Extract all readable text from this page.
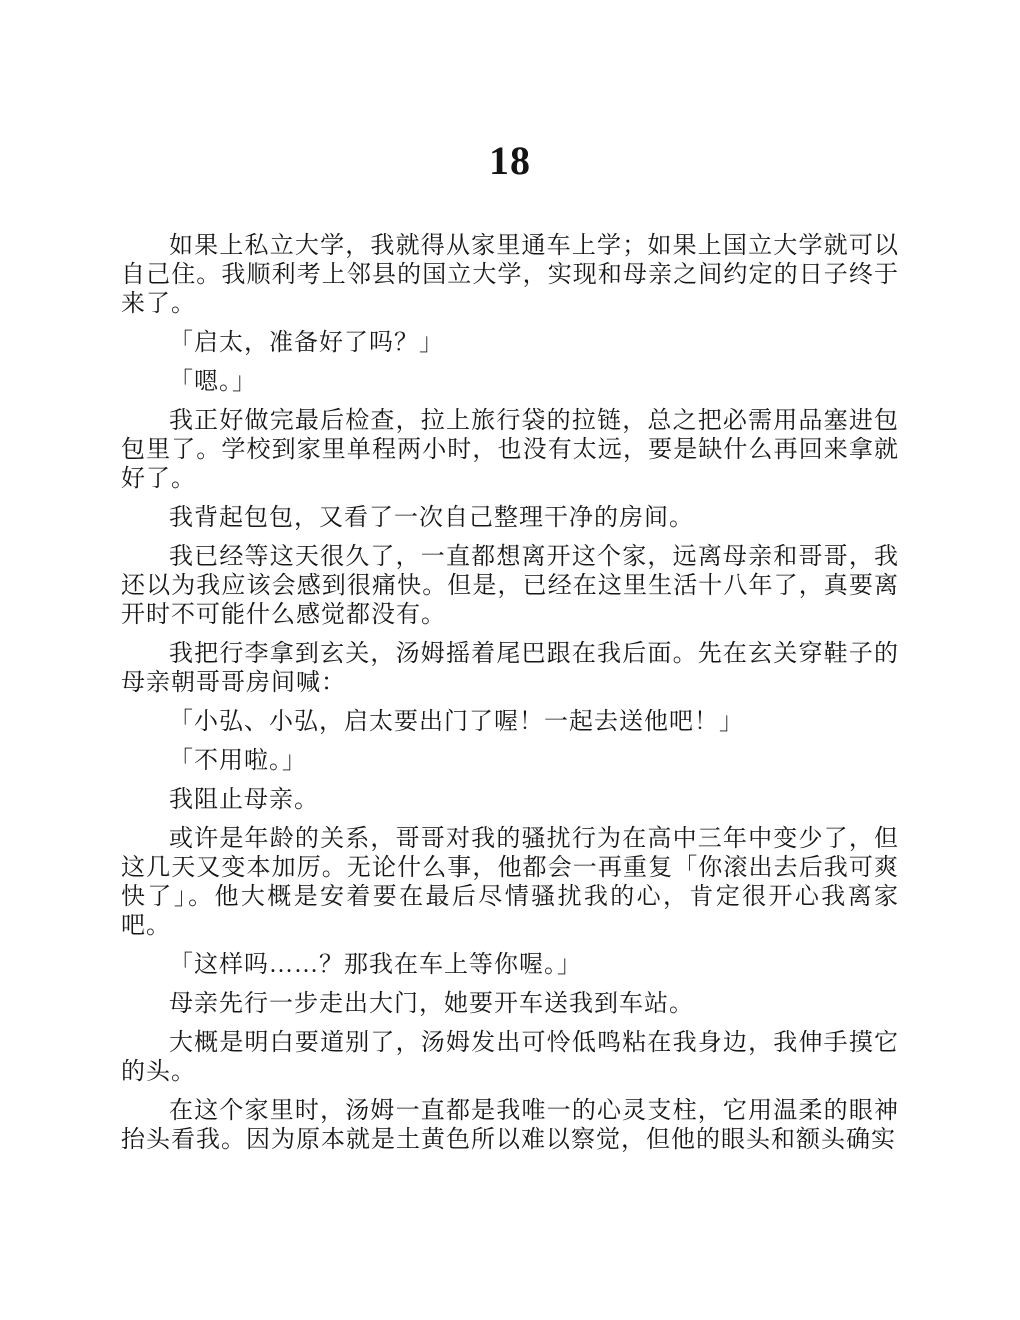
18

如果上私立大学，我就得从家里通车上学；如果上国立大学就可以自己住。我顺利考上邻县的国立大学，实现和母亲之间约定的日子终于来了。

「启太，准备好了吗？」

「嗯。」

我正好做完最后检查，拉上旅行袋的拉链，总之把必需用品塞进包包里了。学校到家里单程两小时，也没有太远，要是缺什么再回来拿就好了。

我背起包包，又看了一次自己整理干净的房间。

我已经等这天很久了，一直都想离开这个家，远离母亲和哥哥，我还以为我应该会感到很痛快。但是，已经在这里生活十八年了，真要离开时不可能什么感觉都没有。

我把行李拿到玄关，汤姆摇着尾巴跟在我后面。先在玄关穿鞋子的母亲朝哥哥房间喊：

「小弘、小弘，启太要出门了喔！一起去送他吧！」

「不用啦。」

我阻止母亲。

或许是年龄的关系，哥哥对我的骚扰行为在高中三年中变少了，但这几天又变本加厉。无论什么事，他都会一再重复「你滚出去后我可爽快了」。他大概是安着要在最后尽情骚扰我的心，肯定很开心我离家吧。

「这样吗……？那我在车上等你喔。」

母亲先行一步走出大门，她要开车送我到车站。

大概是明白要道别了，汤姆发出可怜低鸣粘在我身边，我伸手摸它的头。

在这个家里时，汤姆一直都是我唯一的心灵支柱，它用温柔的眼神抬头看我。因为原本就是土黄色所以难以察觉，但他的眼头和额头确实
